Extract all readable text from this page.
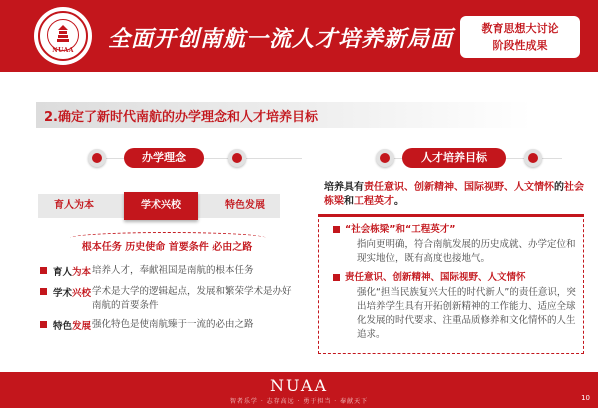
NUAA	全面开创南航一流人才培养新局面	教育思想大讨论
阶段性成果
2.确定了新时代南航的办学理念和人才培养目标
办学理念
育人为本	学术兴校	特色发展
根本任务 历史使命 首要条件 必由之路
育人为本 培养人才，奉献祖国是南航的根本任务
学术兴校 学术是大学的逻辑起点，发展和繁荣学术是办好南航的首要条件
特色发展 强化特色是使南航臻于一流的必由之路
人才培养目标
培养具有责任意识、创新精神、国际视野、人文情怀的社会栋梁和工程英才。
“社会栋梁”和“工程英才”
指向更明确，符合南航发展的历史成就、办学定位和现实地位，既有高度也接地气。
责任意识、创新精神、国际视野、人文情怀
强化“担当民族复兴大任的时代新人”的责任意识，突出培养学生具有开拓创新精神的工作能力、适应全球化发展的时代要求、注重品质修养和文化情怀的人生追求。
NUAA
智者乐学 · 志存高远 · 勇于担当 · 奉献天下	10
